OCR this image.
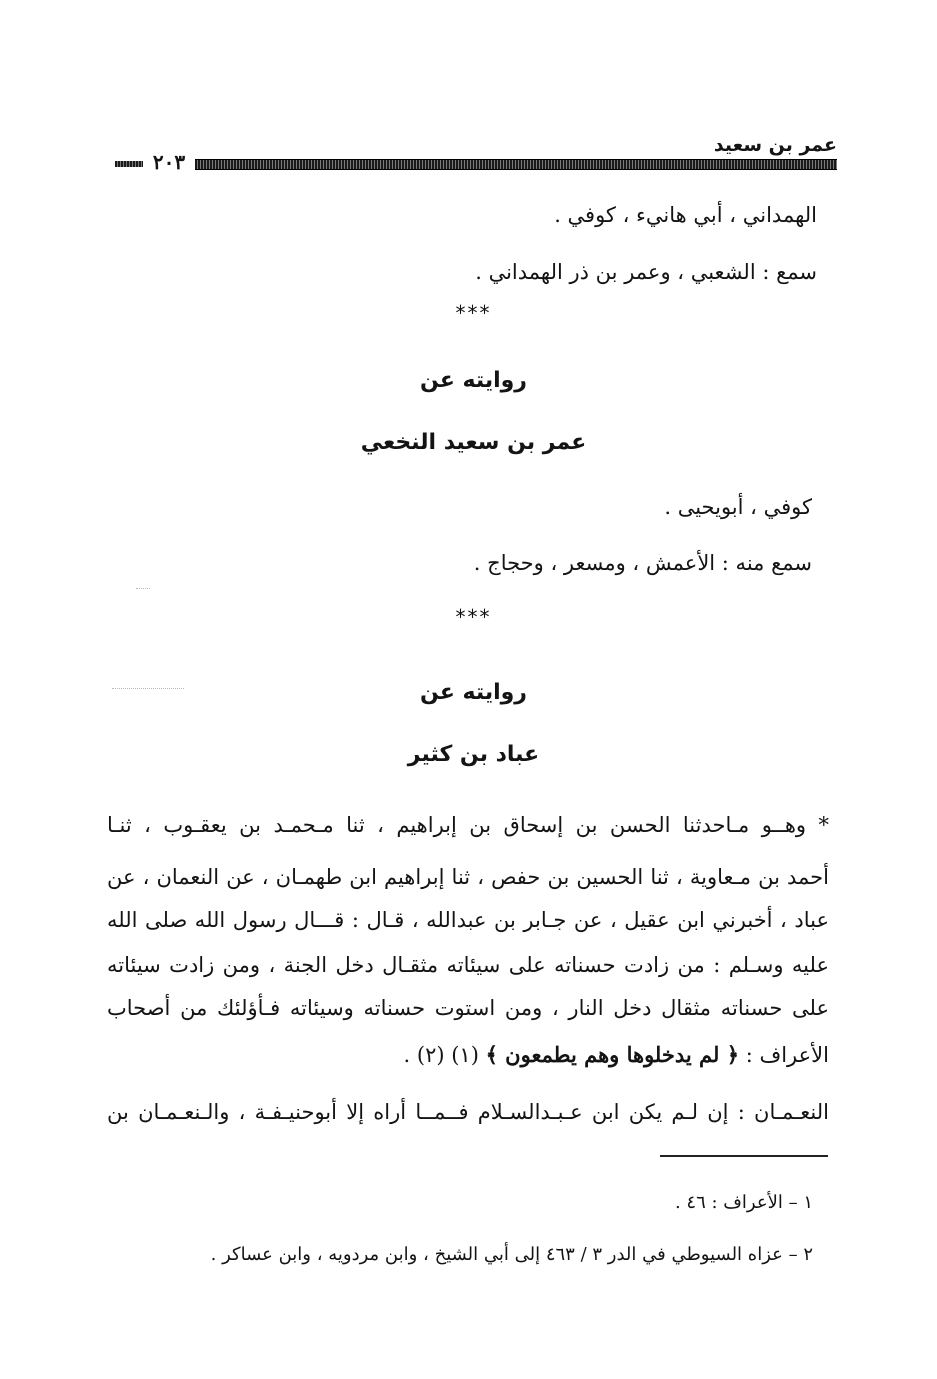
عمر بن سعيد
٢٠٣
الهمداني ، أبي هانيء ، كوفي .
سمع : الشعبي ، وعمر بن ذر الهمداني .
***
روايته عن
عمر بن سعيد النخعي
كوفي ، أبويحيى .
سمع منه : الأعمش ، ومسعر ، وحجاج .
***
روايته عن
عباد بن كثير
* وهــو مـاحدثنا الحسن بن إسحاق بن إبراهيم ، ثنا مـحمـد بن يعقـوب ، ثنـا
أحمد بن مـعاوية ، ثنا الحسين بن حفص ، ثنا إبراهيم ابن طهمـان ، عن النعمان ، عن
عباد ، أخبرني ابن عقيل ، عن جـابر بن عبدالله ، قـال : قـــال رسول الله صلى الله
عليه وسـلم : من زادت حسناته على سيئاته مثقـال دخل الجنة ، ومن زادت سيئاته
على حسناته مثقال دخل النار ، ومن استوت حسناته وسيئاته فـأؤلئك من أصحاب
الأعراف : ﴿ لم يدخلوها وهم يطمعون ﴾ (١) (٢) .
النعـمـان : إن لـم يكن ابن عـبـدالسـلام فــمــا أراه إلا أبوحنيـفـة ، والـنعـمـان بن
١ – الأعراف : ٤٦ .
٢ – عزاه السيوطي في الدر ٣ / ٤٦٣ إلى أبي الشيخ ، وابن مردويه ، وابن عساكر .
